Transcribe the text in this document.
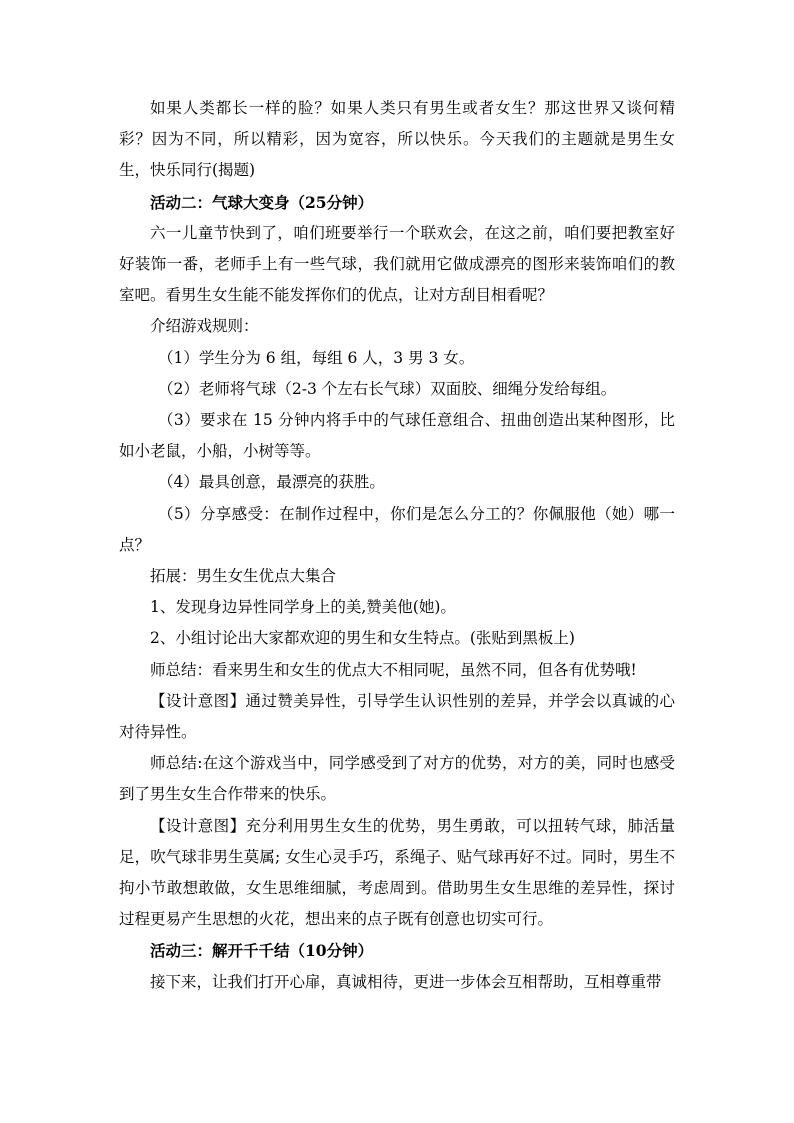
如果人类都长一样的脸？如果人类只有男生或者女生？那这世界又谈何精彩？因为不同，所以精彩，因为宽容，所以快乐。今天我们的主题就是男生女生，快乐同行(揭题)

活动二：气球大变身（25分钟）

六一儿童节快到了，咱们班要举行一个联欢会，在这之前，咱们要把教室好好装饰一番，老师手上有一些气球，我们就用它做成漂亮的图形来装饰咱们的教室吧。看男生女生能不能发挥你们的优点，让对方刮目相看呢？

介绍游戏规则：

（1）学生分为 6 组，每组 6 人，3 男 3 女。

（2）老师将气球（2-3 个左右长气球）双面胶、细绳分发给每组。

（3）要求在 15 分钟内将手中的气球任意组合、扭曲创造出某种图形，比如小老鼠，小船，小树等等。

（4）最具创意，最漂亮的获胜。

（5）分享感受：在制作过程中，你们是怎么分工的？你佩服他（她）哪一点？

拓展：男生女生优点大集合

1、发现身边异性同学身上的美,赞美他(她)。

2、小组讨论出大家都欢迎的男生和女生特点。(张贴到黑板上)

师总结：看来男生和女生的优点大不相同呢，虽然不同，但各有优势哦!

【设计意图】通过赞美异性，引导学生认识性别的差异，并学会以真诚的心对待异性。

师总结:在这个游戏当中，同学感受到了对方的优势，对方的美，同时也感受到了男生女生合作带来的快乐。

【设计意图】充分利用男生女生的优势，男生勇敢，可以扭转气球，肺活量足，吹气球非男生莫属; 女生心灵手巧，系绳子、贴气球再好不过。同时，男生不拘小节敢想敢做，女生思维细腻，考虑周到。借助男生女生思维的差异性，探讨过程更易产生思想的火花，想出来的点子既有创意也切实可行。

活动三：解开千千结（10分钟）

接下来，让我们打开心扉，真诚相待，更进一步体会互相帮助，互相尊重带
